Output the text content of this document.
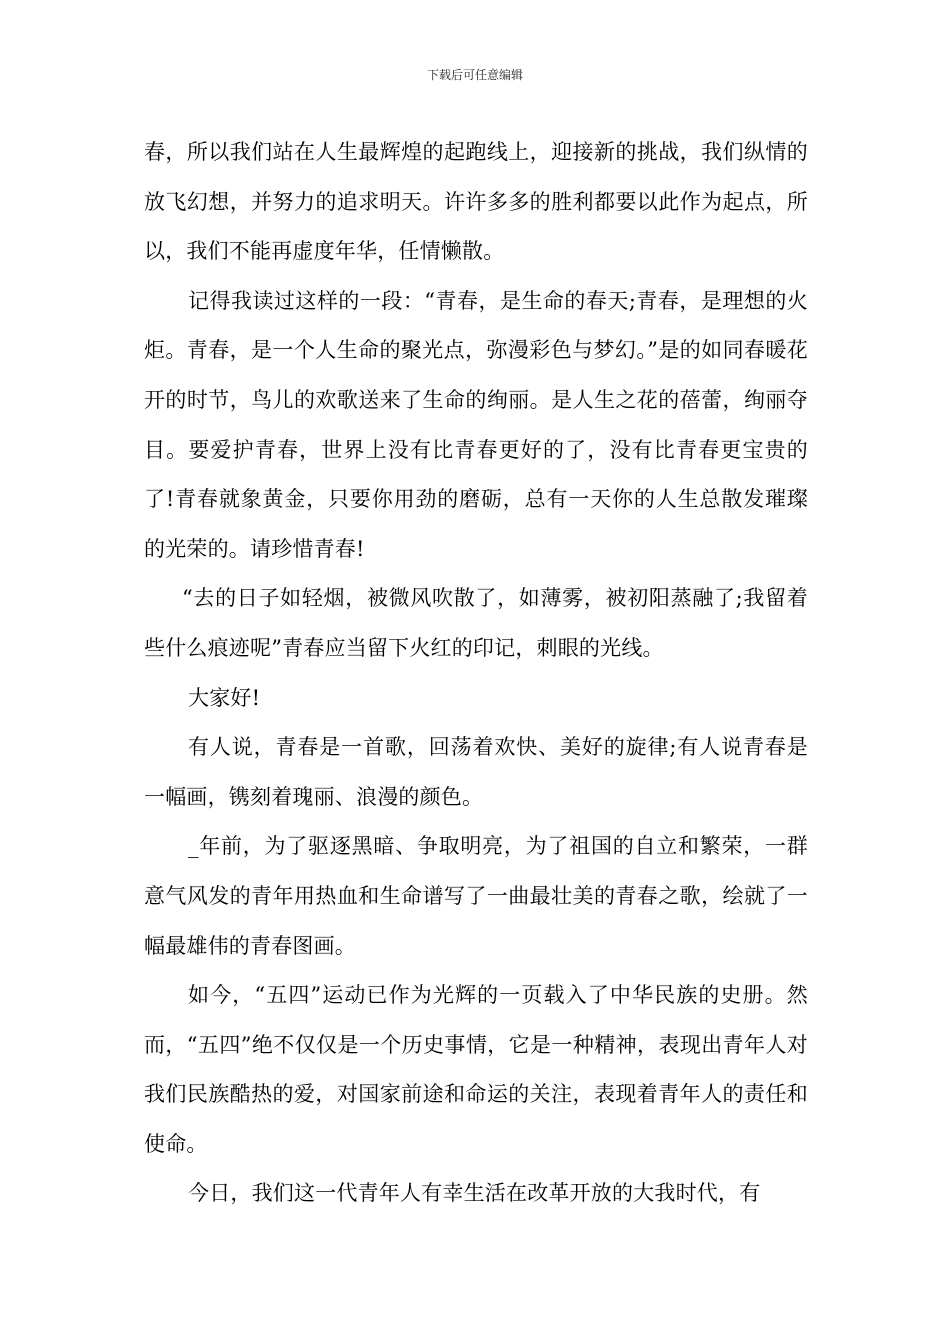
下载后可任意编辑

春，所以我们站在人生最辉煌的起跑线上，迎接新的挑战，我们纵情的放飞幻想，并努力的追求明天。许许多多的胜利都要以此作为起点，所以，我们不能再虚度年华，任情懒散。

记得我读过这样的一段：“青春，是生命的春天;青春，是理想的火炬。青春，是一个人生命的聚光点，弥漫彩色与梦幻。”是的如同春暖花开的时节，鸟儿的欢歌送来了生命的绚丽。是人生之花的蓓蕾，绚丽夺目。要爱护青春，世界上没有比青春更好的了，没有比青春更宝贵的了!青春就象黄金，只要你用劲的磨砺，总有一天你的人生总散发璀璨的光荣的。请珍惜青春!

“去的日子如轻烟，被微风吹散了，如薄雾，被初阳蒸融了;我留着些什么痕迹呢”青春应当留下火红的印记，刺眼的光线。

大家好!

有人说，青春是一首歌，回荡着欢快、美好的旋律;有人说青春是一幅画，镌刻着瑰丽、浪漫的颜色。

_年前，为了驱逐黑暗、争取明亮，为了祖国的自立和繁荣，一群意气风发的青年用热血和生命谱写了一曲最壮美的青春之歌，绘就了一幅最雄伟的青春图画。

如今，“五四”运动已作为光辉的一页载入了中华民族的史册。然而，“五四”绝不仅仅是一个历史事情，它是一种精神，表现出青年人对我们民族酷热的爱，对国家前途和命运的关注，表现着青年人的责任和使命。

今日，我们这一代青年人有幸生活在改革开放的大我时代，有
